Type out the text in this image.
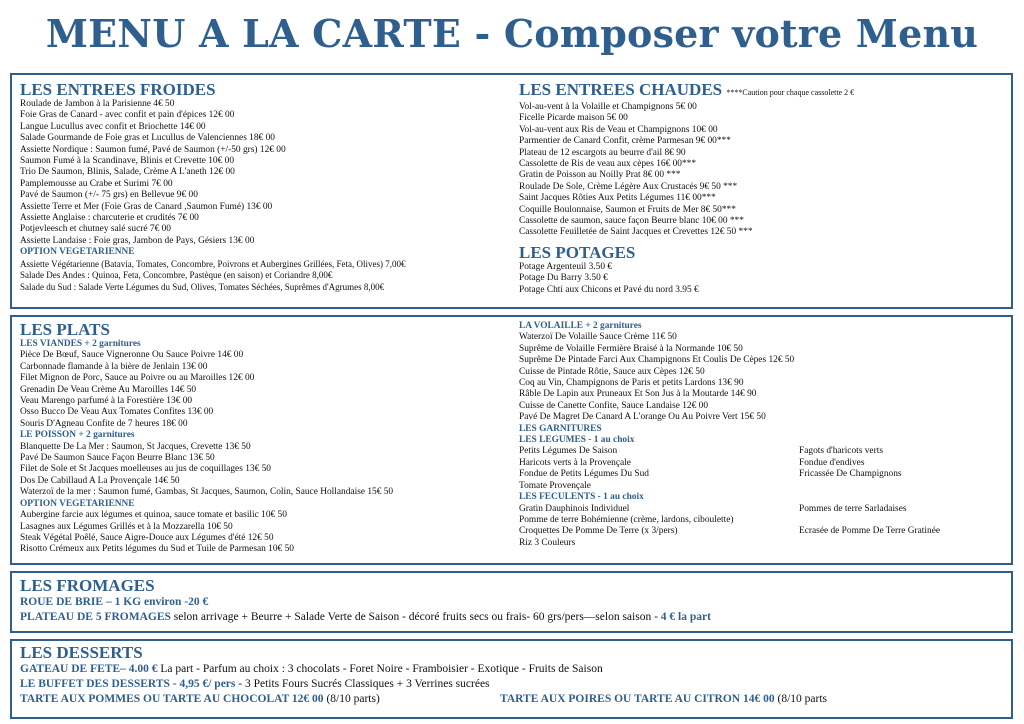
MENU A LA CARTE - Composer votre Menu
LES ENTREES FROIDES
Roulade de Jambon à la Parisienne 4€ 50
Foie Gras de Canard - avec confit et pain d'épices 12€ 00
Langue Lucullus avec confit et Briochette 14€ 00
Salade Gourmande de Foie gras et Lucullus de Valenciennes 18€ 00
Assiette Nordique : Saumon fumé, Pavé de Saumon (+/-50 grs) 12€ 00
Saumon Fumé à la Scandinave, Blinis et Crevette 10€ 00
Trio De Saumon, Blinis, Salade, Crème A L'aneth 12€ 00
Pamplemousse au Crabe et Surimi 7€ 00
Pavé de Saumon (+/- 75 grs) en Bellevue 9€ 00
Assiette Terre et Mer (Foie Gras de Canard ,Saumon Fumé) 13€ 00
Assiette Anglaise : charcuterie et crudités 7€ 00
Potjevleesch et chutney salé sucré 7€ 00
Assiette Landaise : Foie gras, Jambon de Pays, Gésiers 13€ 00
OPTION VEGETARIENNE
Assiette Végétarienne (Batavia, Tomates, Concombre, Poivrons et Aubergines Grillées, Feta, Olives) 7,00€
Salade Des Andes : Quinoa, Feta, Concombre, Pastèque (en saison) et Coriandre 8,00€
Salade du Sud : Salade Verte Légumes du Sud, Olives, Tomates Séchées, Suprêmes d'Agrumes 8,00€
LES ENTREES CHAUDES ****Caution pour chaque cassolette 2 €
Vol-au-vent à la Volaille et Champignons 5€ 00
Ficelle Picarde maison 5€ 00
Vol-au-vent aux Ris de Veau et Champignons 10€ 00
Parmentier de Canard Confit, crème Parmesan 9€ 00***
Plateau de 12 escargots au beurre d'ail 8€ 90
Cassolette de Ris de veau aux cèpes 16€ 00***
Gratin de Poisson au Noilly Prat 8€ 00 ***
Roulade De Sole, Crème Légère Aux Crustacés 9€ 50 ***
Saint Jacques Rôties Aux Petits Légumes 11€ 00***
Coquille Boulonnaise, Saumon et Fruits de Mer 8€ 50***
Cassolette de saumon, sauce façon Beurre blanc 10€ 00 ***
Cassolette Feuilletée de Saint Jacques et Crevettes 12€ 50 ***
LES POTAGES
Potage Argenteuil 3.50 €
Potage Du Barry 3.50 €
Potage Chti aux Chicons et Pavé du nord 3.95 €
LES PLATS
LES VIANDES + 2 garnitures
Pièce De Bœuf, Sauce Vigneronne Ou Sauce Poivre 14€ 00
Carbonnade flamande à la bière de Jenlain 13€ 00
Filet Mignon de Porc, Sauce au Poivre ou au Maroilles 12€ 00
Grenadin De Veau Crème Au Maroilles 14€ 50
Veau Marengo parfumé à la Forestière 13€ 00
Osso Bucco De Veau Aux Tomates Confites 13€ 00
Souris D'Agneau Confite de 7 heures 18€ 00
LE POISSON + 2 garnitures
Blanquette De La Mer : Saumon, St Jacques, Crevette 13€ 50
Pavé De Saumon Sauce Façon Beurre Blanc 13€ 50
Filet de Sole et St Jacques moelleuses au jus de coquillages 13€ 50
Dos De Cabillaud A La Provençale 14€ 50
Waterzoï de la mer : Saumon fumé, Gambas, St Jacques, Saumon, Colin, Sauce Hollandaise 15€ 50
OPTION VEGETARIENNE
Aubergine farcie aux légumes et quinoa, sauce tomate et basilic 10€ 50
Lasagnes aux Légumes Grillés et à la Mozzarella 10€ 50
Steak Végétal Poêlé, Sauce Aigre-Douce aux Légumes d'été 12€ 50
Risotto Crémeux aux Petits légumes du Sud et Tuile de Parmesan 10€ 50
LA VOLAILLE + 2 garnitures
Waterzoï De Volaille Sauce Crème 11€ 50
Suprême de Volaille Fermière Braisé à la Normande 10€ 50
Suprême De Pintade Farci Aux Champignons Et Coulis De Cèpes 12€ 50
Cuisse de Pintade Rôtie, Sauce aux Cèpes 12€ 50
Coq au Vin, Champignons de Paris et petits Lardons 13€ 90
Râble De Lapin aux Pruneaux Et Son Jus à la Moutarde 14€ 90
Cuisse de Canette Confite, Sauce Landaise 12€ 00
Pavé De Magret De Canard A L'orange Ou Au Poivre Vert 15€ 50
LES GARNITURES
LES LEGUMES - 1 au choix
Petits Légumes De Saison
Haricots verts à la Provençale
Fondue de Petits Légumes Du Sud
Tomate Provençale
Fagots d'haricots verts
Fondue d'endives
Fricassée De Champignons
LES FECULENTS - 1 au choix
Gratin Dauphinois Individuel
Pomme de terre Bohémienne (crème, lardons, ciboulette)
Croquettes De Pomme De Terre (x 3/pers)
Riz 3 Couleurs
Pommes de terre Sarladaises

Ecrasée de Pomme De Terre Gratinée
LES FROMAGES
ROUE DE BRIE – 1 KG environ -20 €
PLATEAU DE 5 FROMAGES selon arrivage + Beurre + Salade Verte de Saison - décoré fruits secs ou frais- 60 grs/pers—selon saison - 4 € la part
LES DESSERTS
GATEAU DE FETE– 4.00 € La part - Parfum au choix : 3 chocolats - Foret Noire - Framboisier - Exotique - Fruits de Saison
LE BUFFET DES DESSERTS - 4,95 €/ pers - 3 Petits Fours Sucrés Classiques + 3 Verrines sucrées
TARTE AUX POMMES OU TARTE AU CHOCOLAT 12€ 00 (8/10 parts)	TARTE AUX POIRES OU TARTE AU CITRON 14€ 00 (8/10 parts
